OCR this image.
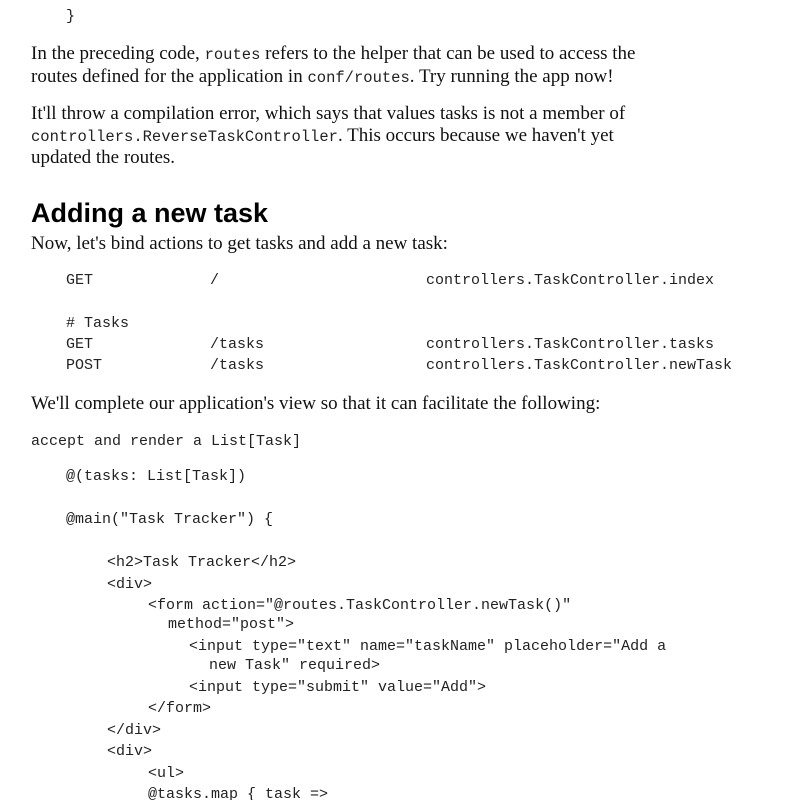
}
In the preceding code, routes refers to the helper that can be used to access the
routes defined for the application in conf/routes. Try running the app now!
It'll throw a compilation error, which says that values tasks is not a member of
controllers.ReverseTaskController. This occurs because we haven't yet
updated the routes.
Adding a new task
Now, let's bind actions to get tasks and add a new task:
GET	/	controllers.TaskController.index
# Tasks
GET	/tasks	controllers.TaskController.tasks
POST	/tasks	controllers.TaskController.newTask
We'll complete our application's view so that it can facilitate the following:
accept and render a List[Task]
@(tasks: List[Task])
@main("Task Tracker") {
<h2>Task Tracker</h2>
<div>
<form action="@routes.TaskController.newTask()"
method="post">
<input type="text" name="taskName" placeholder="Add a
new Task" required>
<input type="submit" value="Add">
</form>
</div>
<div>
<ul>
@tasks.map { task =>
